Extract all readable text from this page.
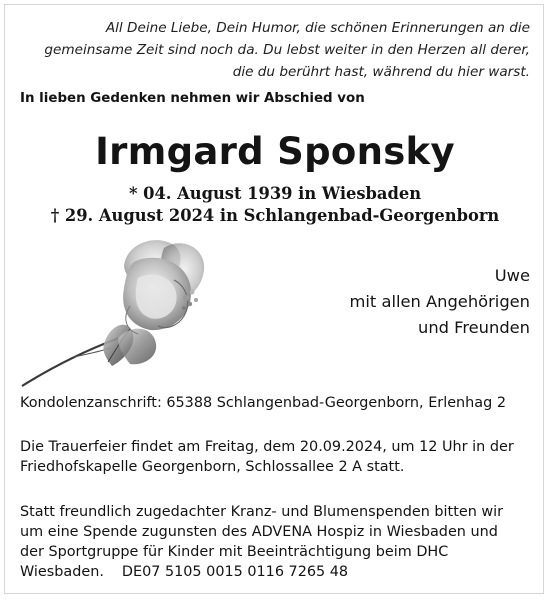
All Deine Liebe, Dein Humor, die schönen Erinnerungen an die
gemeinsame Zeit sind noch da. Du lebst weiter in den Herzen all derer,
die du berührt hast, während du hier warst.
In lieben Gedenken nehmen wir Abschied von
Irmgard Sponsky
* 04. August 1939 in Wiesbaden
† 29. August 2024 in Schlangenbad-Georgenborn
Uwe
mit allen Angehörigen
und Freunden
Kondolenzanschrift: 65388 Schlangenbad-Georgenborn, Erlenhag 2
Die Trauerfeier findet am Freitag, dem 20.09.2024, um 12 Uhr in der
Friedhofskapelle Georgenborn, Schlossallee 2 A statt.
Statt freundlich zugedachter Kranz- und Blumenspenden bitten wir
um eine Spende zugunsten des ADVENA Hospiz in Wiesbaden und
der Sportgruppe für Kinder mit Beeinträchtigung beim DHC
Wiesbaden. DE07 5105 0015 0116 7265 48
